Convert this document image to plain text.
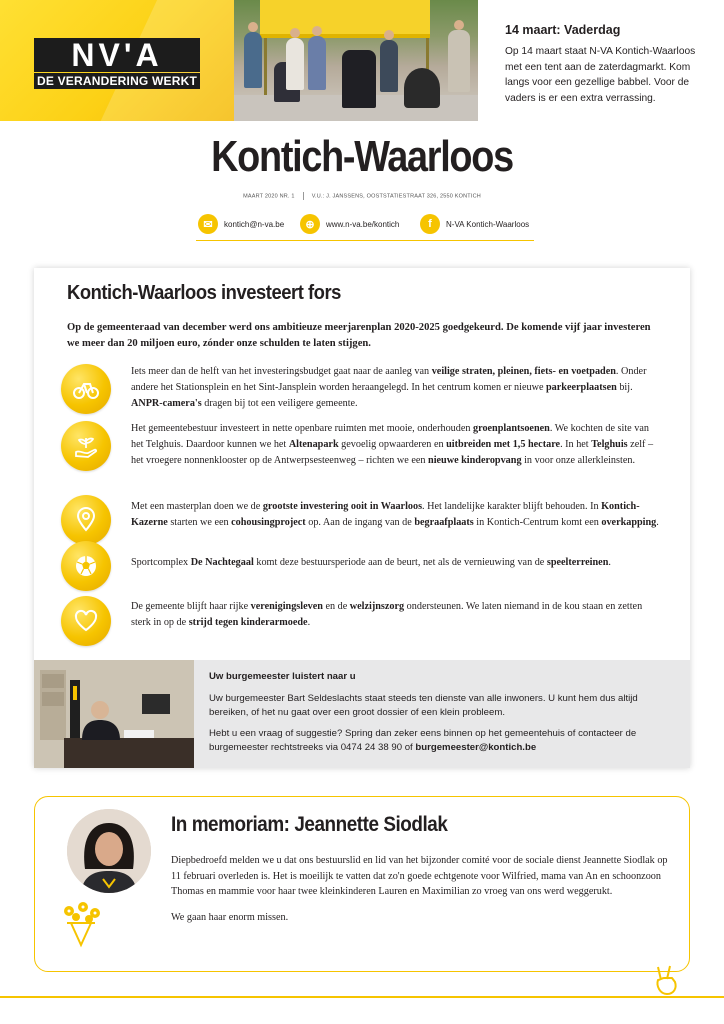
NV'A
DE VERANDERING WERKT
14 maart: Vaderdag
Op 14 maart staat N-VA Kontich-Waarloos met een tent aan de zaterdagmarkt. Kom langs voor een gezellige babbel. Voor de vaders is er een extra verrassing.
Kontich-Waarloos
MAART 2020 NR. 1	V.U.: J. JANSSENS, OOSTSTATIESTRAAT 326, 2550 KONTICH
✉	kontich@n-va.be	⊕	www.n-va.be/kontich	f	N-VA Kontich-Waarloos
Kontich-Waarloos investeert fors
Op de gemeenteraad van december werd ons ambitieuze meerjarenplan 2020-2025 goedgekeurd. De komende vijf jaar investeren we meer dan 20 miljoen euro, zónder onze schulden te laten stijgen.
Iets meer dan de helft van het investeringsbudget gaat naar de aanleg van veilige straten, pleinen, fiets- en voetpaden. Onder andere het Stationsplein en het Sint-Jansplein worden heraangelegd. In het centrum komen er nieuwe parkeerplaatsen bij. ANPR-camera's dragen bij tot een veiligere gemeente.
Het gemeentebestuur investeert in nette openbare ruimten met mooie, onderhouden groenplantsoenen. We kochten de site van het Telghuis. Daardoor kunnen we het Altenapark gevoelig opwaarderen en uitbreiden met 1,5 hectare. In het Telghuis zelf – het vroegere nonnenklooster op de Antwerpsesteenweg – richten we een nieuwe kinderopvang in voor onze allerkleinsten.
Met een masterplan doen we de grootste investering ooit in Waarloos. Het landelijke karakter blijft behouden. In Kontich-Kazerne starten we een cohousingproject op. Aan de ingang van de begraafplaats in Kontich-Centrum komt een overkapping.
Sportcomplex De Nachtegaal komt deze bestuursperiode aan de beurt, net als de vernieuwing van de speelterreinen.
De gemeente blijft haar rijke verenigingsleven en de welzijnszorg ondersteunen. We laten niemand in de kou staan en zetten sterk in op de strijd tegen kinderarmoede.
Uw burgemeester luistert naar u
Uw burgemeester Bart Seldeslachts staat steeds ten dienste van alle inwoners. U kunt hem dus altijd bereiken, of het nu gaat over een groot dossier of een klein probleem.
Hebt u een vraag of suggestie? Spring dan zeker eens binnen op het gemeentehuis of contacteer de burgemeester rechtstreeks via 0474 24 38 90 of burgemeester@kontich.be
In memoriam: Jeannette Siodlak
Diepbedroefd melden we u dat ons bestuurslid en lid van het bijzonder comité voor de sociale dienst Jeannette Siodlak op 11 februari overleden is. Het is moeilijk te vatten dat zo'n goede echtgenote voor Wilfried, mama van An en schoonzoon Thomas en mammie voor haar twee kleinkinderen Lauren en Maximilian zo vroeg van ons werd weggerukt.
We gaan haar enorm missen.
